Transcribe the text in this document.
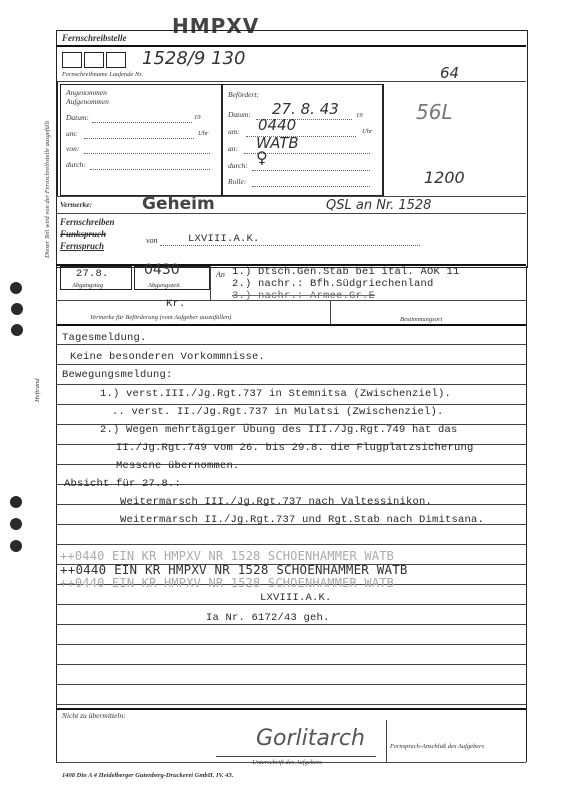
Dieser Teil wird von der Fernschreibstelle ausgefüllt
Heftrand
HMPXV
64
56L
Fernschreibstelle
1528/9 130
Fernschreibname Laufende Nr.
Angenommen
Aufgenommen
Datum:	19
um:	Uhr
von:
durch:
Befördert:
Datum: 27. 8. 43	19
um: 0440	Uhr
an: WATB
durch: ♀
Rolle:	1200
Vermerke:	Geheim	QSL an Nr. 1528
Fernschreiben
Funkspruch
Fernspruch
von	LXVIII.A.K.
27.8.
Abgangstag
0430
Abgangszeit
An 1.) Dtsch.Gen.Stab bei ital. AOK 11
2.) nachr.: Bfh.Südgriechenland
3.) nachr.: Armee.Gr.E
Kr.
Vermerke für Beförderung (vom Aufgeber auszufüllen)	Bestimmungsort
Tagesmeldung.
Keine besonderen Vorkommnisse.
Bewegungsmeldung:
1.) verst.III./Jg.Rgt.737 in Stemnitsa (Zwischenziel).
.. verst. II./Jg.Rgt.737 in Mulatsi (Zwischenziel).
2.) Wegen mehrtägiger Übung des III./Jg.Rgt.749 hat das
II./Jg.Rgt.749 vom 26. bis 29.8. die Flugplatzsicherung
Messene übernommen.
Absicht für 27.8.:
Weitermarsch III./Jg.Rgt.737 nach Valtessinikon.
Weitermarsch II./Jg.Rgt.737 und Rgt.Stab nach Dimitsana.
++0440 EIN KR HMPXV NR 1528 SCHOENHAMMER WATB
++0440 EIN KR HMPXV NR 1528 SCHOENHAMMER WATB
++0440 EIN KR HMPXV NR 1528 SCHOENHAMMER WATB
LXVIII.A.K.
Ia Nr. 6172/43 geh.
Nicht zu übermitteln:
Gorlitarch
Unterschrift des Aufgebers
Fernsprech-Anschluß des Aufgebers
1408 Din A 4 Heidelberger Gutenberg-Druckerei GmbH. IV. 43.
